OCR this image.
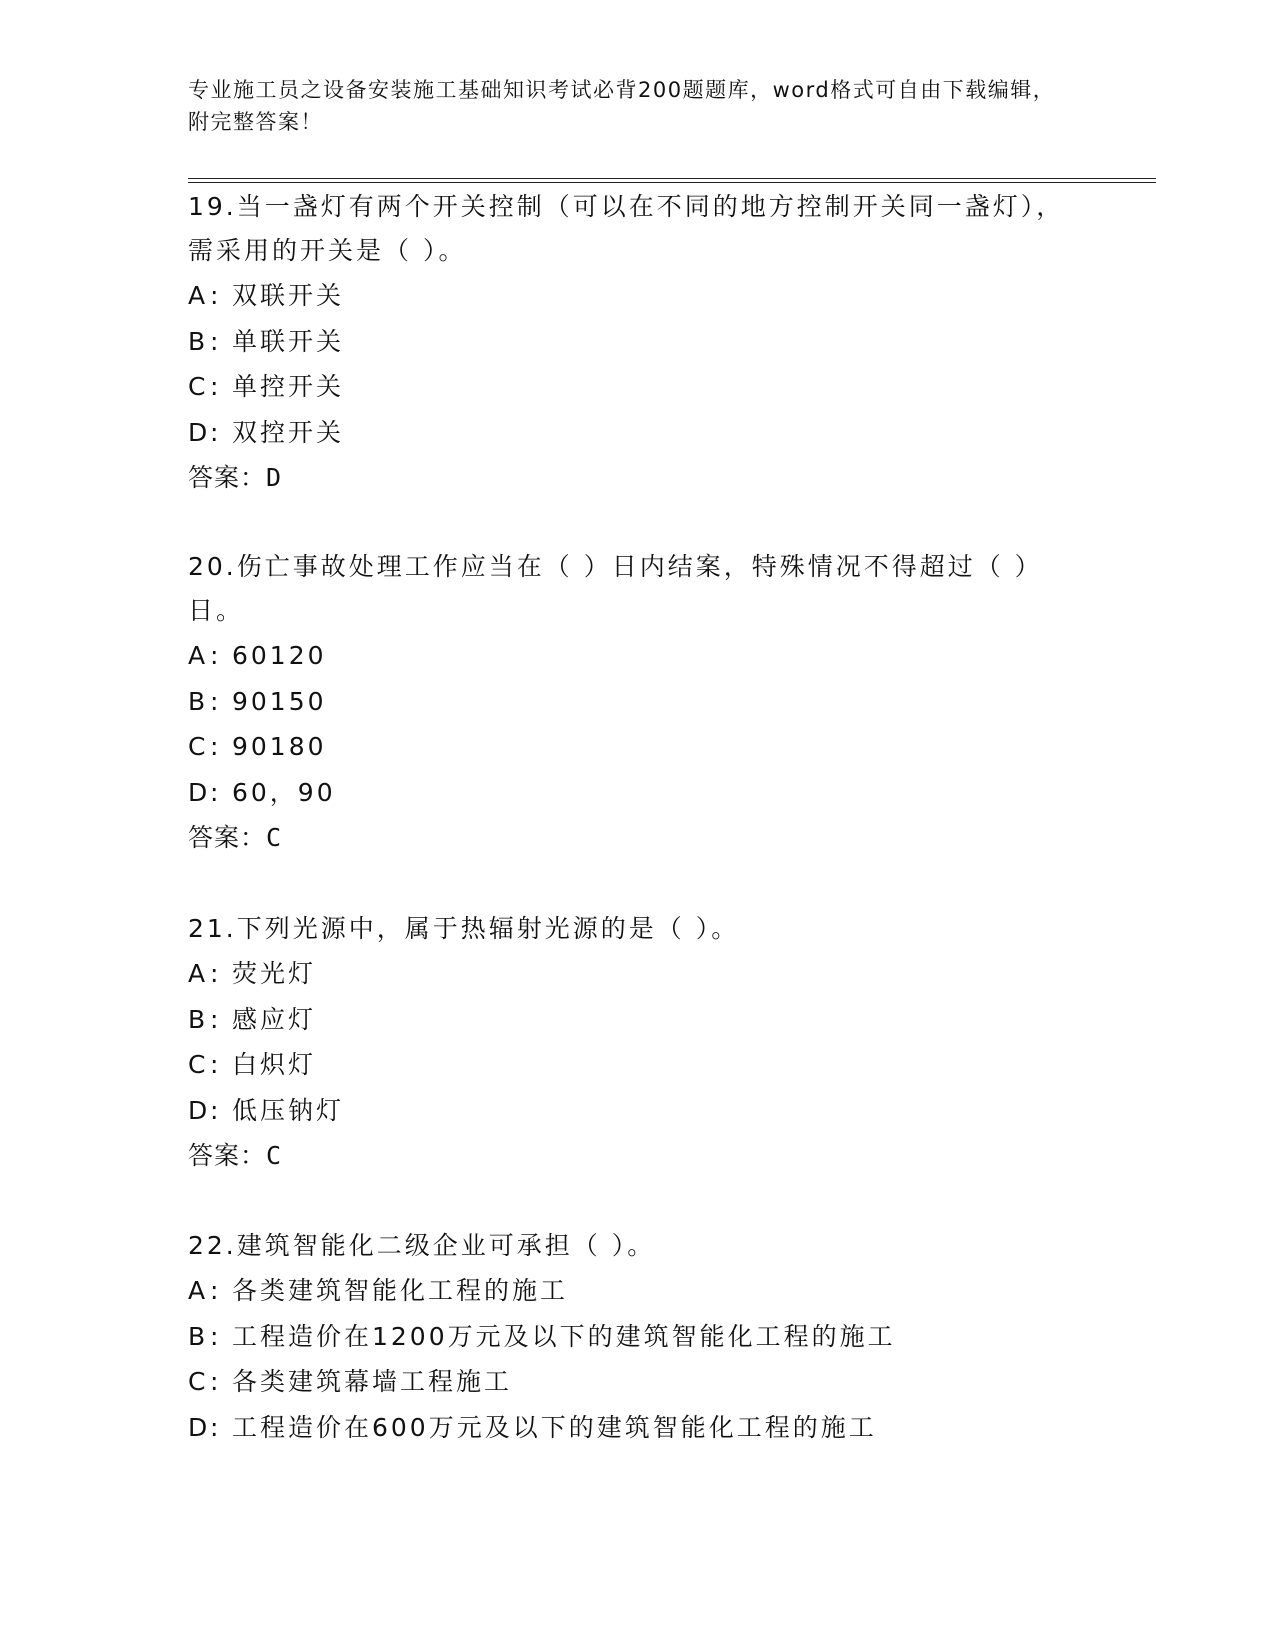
专业施工员之设备安装施工基础知识考试必背200题题库，word格式可自由下载编辑，附完整答案！

19.当一盏灯有两个开关控制（可以在不同的地方控制开关同一盏灯），需采用的开关是（ ）。

A: 双联开关
B: 单联开关
C: 单控开关
D: 双控开关
答案：D

20.伤亡事故处理工作应当在（ ）日内结案，特殊情况不得超过（ ）日。

A: 60120
B: 90150
C: 90180
D: 60，90
答案：C

21.下列光源中，属于热辐射光源的是（ ）。

A: 荧光灯
B: 感应灯
C: 白炽灯
D: 低压钠灯
答案：C

22.建筑智能化二级企业可承担（ ）。

A: 各类建筑智能化工程的施工
B: 工程造价在1200万元及以下的建筑智能化工程的施工
C: 各类建筑幕墙工程施工
D: 工程造价在600万元及以下的建筑智能化工程的施工
